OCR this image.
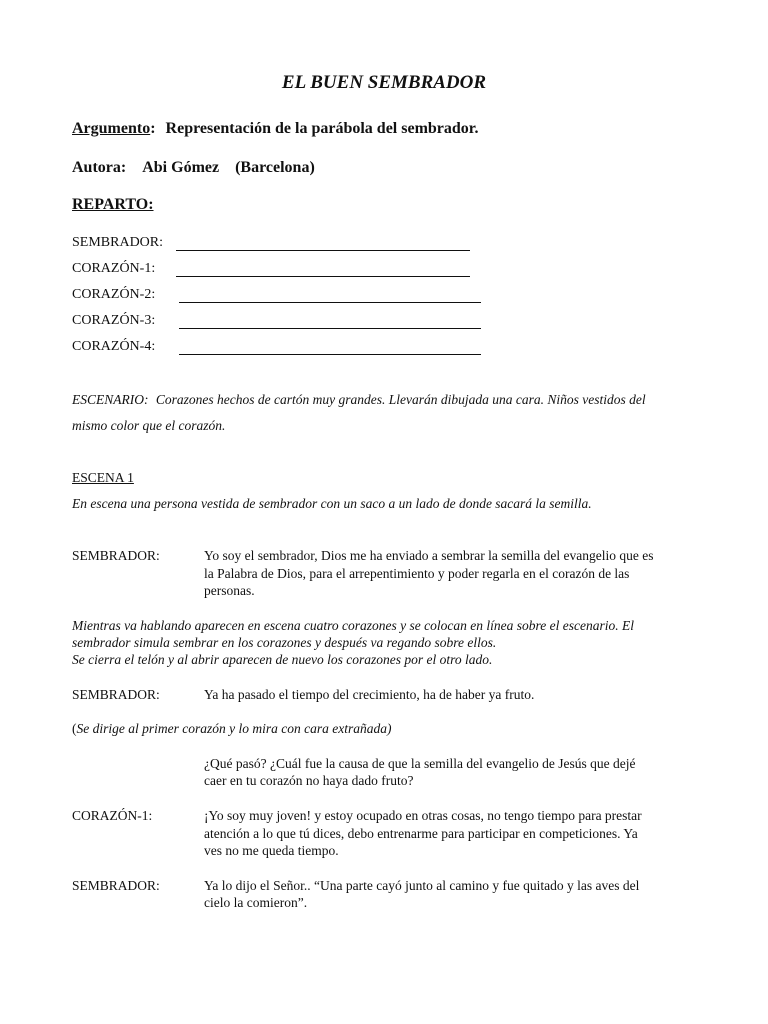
EL BUEN SEMBRADOR
Argumento: Representación de la parábola del sembrador.
Autora: Abi Gómez (Barcelona)
REPARTO:
SEMBRADOR:
CORAZÓN-1:
CORAZÓN-2:
CORAZÓN-3:
CORAZÓN-4:
ESCENARIO: Corazones hechos de cartón muy grandes. Llevarán dibujada una cara. Niños vestidos del
mismo color que el corazón.
ESCENA 1
En escena una persona vestida de sembrador con un saco a un lado de donde sacará la semilla.
SEMBRADOR:	Yo soy el sembrador, Dios me ha enviado a sembrar la semilla del evangelio que es
la Palabra de Dios, para el arrepentimiento y poder regarla en el corazón de las
personas.
Mientras va hablando aparecen en escena cuatro corazones y se colocan en línea sobre el escenario. El
sembrador simula sembrar en los corazones y después va regando sobre ellos.
Se cierra el telón y al abrir aparecen de nuevo los corazones por el otro lado.
SEMBRADOR:	Ya ha pasado el tiempo del crecimiento, ha de haber ya fruto.
(Se dirige al primer corazón y lo mira con cara extrañada)
¿Qué pasó? ¿Cuál fue la causa de que la semilla del evangelio de Jesús que dejé
caer en tu corazón no haya dado fruto?
CORAZÓN-1:	¡Yo soy muy joven! y estoy ocupado en otras cosas, no tengo tiempo para prestar
atención a lo que tú dices, debo entrenarme para participar en competiciones. Ya
ves no me queda tiempo.
SEMBRADOR:	Ya lo dijo el Señor.. “Una parte cayó junto al camino y fue quitado y las aves del
cielo la comieron”.
